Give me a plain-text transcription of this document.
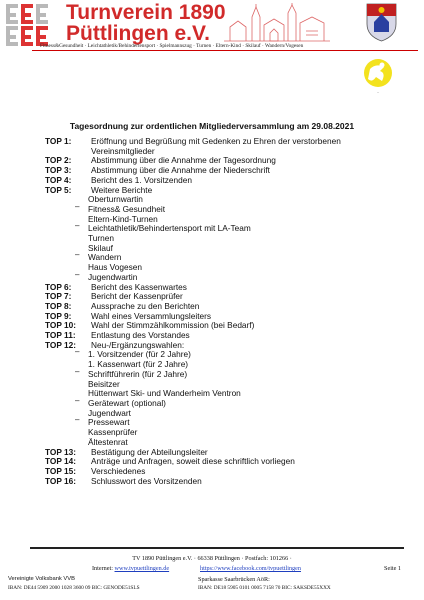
Turnverein 1890
Püttlingen e.V.
Fitness&Gesundheit · Leichtathletik/Behindertensport · Spielmannszug · Turnen · Eltern-Kind · Skilauf · Wandern/Vogesen
~
Tagesordnung zur ordentlichen Mitgliederversammlung am 29.08.2021
TOP 1:	Eröffnung und Begrüßung mit Gedenken zu Ehren der verstorbenen
Vereinsmitglieder
TOP 2:	Abstimmung über die Annahme der Tagesordnung
TOP 3:	Abstimmung über die Annahme der Niederschrift
TOP 4:	Bericht des 1. Vorsitzenden
TOP 5:	Weitere Berichte
Oberturnwartin
– Fitness& Gesundheit
Eltern-Kind-Turnen
– Leichtathletik/Behindertensport mit LA-Team
Turnen
Skilauf
– Wandern
Haus Vogesen
– Jugendwartin
TOP 6:	Bericht des Kassenwartes
TOP 7:	Bericht der Kassenprüfer
TOP 8:	Aussprache zu den Berichten
TOP 9:	Wahl eines Versammlungsleiters
TOP 10:	Wahl der Stimmzählkommission (bei Bedarf)
TOP 11:	Entlastung des Vorstandes
TOP 12:	Neu-/Ergänzungswahlen:
– 1. Vorsitzender (für 2 Jahre)
1. Kassenwart (für 2 Jahre)
– Schriftführerin (für 2 Jahre)
Beisitzer
Hüttenwart Ski- und Wanderheim Ventron
– Gerätewart (optional)
Jugendwart
– Pressewart
Kassenprüfer
Ältestenrat
TOP 13:	Bestätigung der Abteilungsleiter
TOP 14:	Anträge und Anfragen, soweit diese schriftlich vorliegen
TOP 15:	Verschiedenes
TOP 16:	Schlusswort des Vorsitzenden
TV 1890 Püttlingen e.V. · 66338 Püttlingen · Postfach: 101266 ·
Internet: www.tvpuettlingen.de	https://www.facebook.com/tvpuettlingen	Seite 1
Vereinigte Volksbank VVB	Sparkasse Saarbrücken AöR:
IBAN: DE44 5909 2000 1028 3600 09 BIC: GENODE51SLS	IBAN: DE18 5905 0101 0005 7158 70 BIC: SAKSDE55XXX
